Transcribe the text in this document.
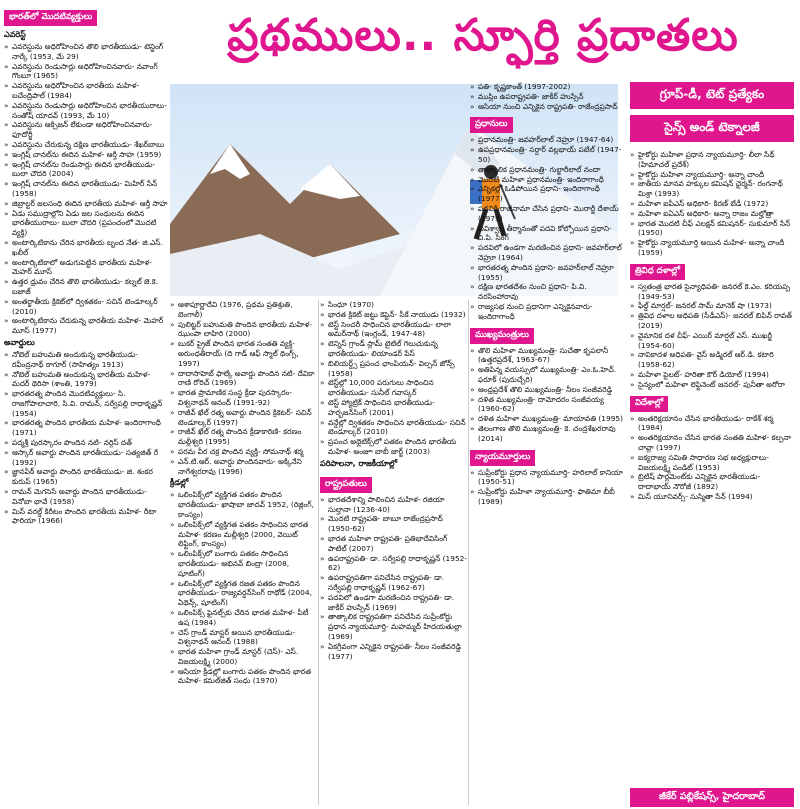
ప్రథములు.. స్ఫూర్తి ప్రదాతలు
గ్రూప్‌-డీ, టెట్‌ ప్రత్యేకం
సైన్స్‌ అండ్‌ టెక్నాలజీ
భారత్‌లో మొదటివ్యక్తులు
ఎవరెస్ట్‌
» ఎవరెస్టును అధిరోహించిన తొలి భారతీయుడు- టెన్జింగ్‌ నార్కే (1953, మే 29)
» ఎవరెస్టును రెండుసార్లు అధిరోహించినవారు- నవాంగ్‌ గొంబూ (1965)
» ఎవరెస్టును అధిరోహించిన భారతీయ మహిళ- బచేంద్రిపాల్‌ (1984)
» ఎవరెస్టును రెండుసార్లు అధిరోహించిన భారతీయురాలు- సంతోష్‌ యాదవ్‌ (1993, మే 10)
» ఎవరెస్టును ఆక్సిజన్‌ లేకుండా అధిరోహించినవారు- ఫూదోర్జీ
» ఎవరెస్టును చేరుకున్న దక్షిణ భారతీయుడు- శేఖర్‌బాబు
» ఇంగ్లిష్‌ చానల్‌ను ఈదిన మహిళ- ఆర్తీ సాహ (1959)
» ఇంగ్లిష్‌ చానల్‌ను రెండుసార్లు ఈదిన భారతీయుడు- బులా చౌదరి (2004)
» ఇంగ్లిష్‌ చానల్‌ను ఈదిన భారతీయుడు- మిహిర్‌ సేన్‌ (1958)
» జిబ్రాల్టర్‌ జలసంధి ఈదిన భారతీయ మహిళ- ఆర్తీ సాహ
» ఏడు సముద్రాల్లోని ఏడు జల సంధులను ఈదిన భారతీయురాలు- బులా చౌదరి (ప్రపంచంలో మొదటి వ్యక్తి)
» అంటార్కిటికాను చేరిన భారతీయ బృంద నేత- జి.ఎస్‌. ఖలీల్‌
» అంటార్కిటికాలో అడుగుపెట్టిన భారతీయ మహిళ- మెహర్‌ మూస్‌
» ఉత్తర ధ్రువం చేరిన తొలి భారతీయుడు- కల్నల్‌ జె.కె. బజాజ్‌
» అంతర్జాతీయ క్రికెట్‌లో ద్విశతకం- సచిన్‌ టెండూల్కర్‌ (2010)
» అంటార్కిటికాను చేరుకున్న భారతీయ మహిళ- మెహర్‌ మూస్‌ (1977)
అవార్డులు
» నోబెల్‌ బహుమతి అందుకున్న భారతీయుడు- రవీంద్రనాథ్‌ ఠాగూర్‌ (సాహిత్యం 1913)
» నోబెల్‌ బహుమతి అందుకున్న భారతీయ మహిళ- మదర్‌ థెరిసా (శాంతి, 1979)
» భారతరత్న పొందిన మొదటివ్యక్తులు- సి. రాజగోపాలాచారి, సి.వి. రామన్‌, సర్వేపల్లి రాధాకృష్ణన్‌ (1954)
» భారతరత్న పొందిన భారతీయ మహిళ- ఇందిరాగాంధీ (1971)
» పద్మశ్రీ పురస్కారం పొందిన నటి- నర్గిస్‌ దత్‌
» ఆస్కార్‌ అవార్డు పొందిన భారతీయుడు- సత్యజిత్‌ రే (1992)
» జ్ఞానపీఠ్‌ అవార్డు పొందిన భారతీయుడు- జి. శంకర కురుప్‌ (1965)
» రామన్‌ మెగసెసే అవార్డు పొందిన భారతీయుడు- వినోబా భావే (1958)
» మిస్‌ వరల్డ్‌ కిరీటం పొందిన భారతీయ మహిళ- రీటా ఫారియా (1966)
» ఆశాపూర్ణాదేవి (1976, ప్రథమ ప్రతిశ్రుతి, బెంగాలీ)
» పులిట్జర్‌ బహుమతి పొందిన భారతీయ మహిళ- ఝుంపా లాహిరి (2000)
» బుకర్‌ ప్రైజ్‌ పొందిన భారత సంతతి వ్యక్తి- అరుంధతీరాయ్‌ (ది గాడ్‌ ఆఫ్‌ స్మాల్‌ థింగ్స్‌, 1997)
» దాదాసాహెబ్‌ ఫాల్కే అవార్డు పొందిన నటి- దేవికా రాణి రోరిచ్‌ (1969)
» భారత ప్రామాణిక సంస్థ క్రీడా పురస్కారం- విశ్వనాథన్‌ ఆనంద్‌ (1991-92)
» రాజీవ్‌ ఖేల్‌ రత్న అవార్డు పొందిన క్రికెటర్‌- సచిన్‌ టెండూల్కర్‌ (1997)
» రాజీవ్‌ ఖేల్‌ రత్న పొందిన క్రీడాకారిణి- కరణం మల్లీశ్వరి (1995)
» పరమ వీర చక్ర పొందిన వ్యక్తి- సోమనాథ్‌ శర్మ
» ఎన్‌.టి.ఆర్‌. అవార్డు పొందినవారు- అక్కినేని నాగేశ్వరరావు (1996)
క్రీడల్లో
» ఒలింపిక్స్‌లో వ్యక్తిగత పతకం పొందిన భారతీయుడు- ఖాషాబా జాదవ్‌ 1952, (రెజ్లింగ్‌, కాంస్యం)
» ఒలింపిక్స్‌లో వ్యక్తిగత పతకం సాధించిన భారత మహిళ- కరణం మల్లీశ్వరి (2000, వెయిట్‌ లిఫ్టింగ్‌, కాంస్యం)
» ఒలింపిక్స్‌లో బంగారు పతకం సాధించిన భారతీయుడు- అభినవ్‌ బింద్రా (2008, షూటింగ్‌)
» ఒలింపిక్స్‌లో వ్యక్తిగత రజత పతకం పొందిన భారతీయుడు- రాజ్యవర్థన్‌సింగ్‌ రాథోడ్‌ (2004, ఏథెన్స్‌, షూటింగ్‌)
» ఒలింపిక్స్‌ ఫైనల్స్‌కు చేరిన భారత మహిళ- పీటీ ఉష (1984)
» చెస్‌ గ్రాండ్‌ మాస్టర్‌ అయిన భారతీయుడు- విశ్వనాథన్‌ ఆనంద్‌ (1988)
» భారత మహిళా గ్రాండ్‌ మాస్టర్‌ (చెస్‌)- ఎస్‌. విజయలక్ష్మి (2000)
» ఆసియా క్రీడల్లో బంగారు పతకం పొందిన భారత మహిళ- కమల్‌జిత్‌ సంధు (1970)
» సింధూ (1970)
» భారత క్రికెట్‌ జట్టు కెప్టెన్‌- సీకే నాయుడు (1932)
» టెస్ట్‌ సెంచరీ సాధించిన భారతీయుడు- లాలా అమర్‌నాథ్‌ (ఇంగ్లండ్‌, 1947-48)
» టెన్నిస్‌ గ్రాండ్‌ స్లామ్‌ టైటిల్‌ గెలుచుకున్న భారతీయుడు- లియాండర్‌ పేస్‌
» బిలియర్డ్స్‌ ప్రపంచ ఛాంపియన్‌- విల్సన్‌ జోన్స్‌ (1958)
» టెస్ట్‌ల్లో 10,000 పరుగులు సాధించిన భారతీయుడు- సునీల్‌ గవాస్కర్‌
» టెస్ట్‌ హ్యాట్రిక్‌ సాధించిన భారతీయుడు- హర్భజన్‌సింగ్‌ (2001)
» వన్డేల్లో ద్విశతకం సాధించిన భారతీయుడు- సచిన్‌ టెండూల్కర్‌ (2010)
» ప్రపంచ అథ్లెటిక్స్‌లో పతకం పొందిన భారతీయ మహిళ- అంజూ బాబీ జార్జ్‌ (2003)
పరిపాలనా, రాజకీయాల్లో
రాష్ట్రపతులు
» భారతదేశాన్ని పాలించిన మహిళ- రజియా సుల్తానా (1236-40)
» మొదటి రాష్ట్రపతి- బాబూ రాజేంద్రప్రసాద్‌ (1950-62)
» భారత మహిళా రాష్ట్రపతి- ప్రతిభాదేవిసింగ్‌ పాటిల్‌ (2007)
» ఉపరాష్ట్రపతి- డా. సర్వేపల్లి రాధాకృష్ణన్‌ (1952-62)
» ఉపరాష్ట్రపతిగా పనిచేసిన రాష్ట్రపతి- డా. సర్వేపల్లి రాధాకృష్ణన్‌ (1962-67)
» పదవిలో ఉండగా మరణించిన రాష్ట్రపతి- డా. జాకీర్‌ హుస్సేన్‌ (1969)
» తాత్కాలిక రాష్ట్రపతిగా పనిచేసిన సుప్రీంకోర్టు ప్రధాన న్యాయమూర్తి- మహమ్మద్‌ హిదయతుల్లా (1969)
» ఏకగ్రీవంగా ఎన్నికైన రాష్ట్రపతి- నీలం సంజీవరెడ్డి (1977)
» పతి- కృష్ణకాంత్‌ (1997-2002)
» ముస్లిం ఉపరాష్ట్రపతి- జాకీర్‌ హుస్సేన్‌
» ఆసియా నుంచి ఎన్నికైన రాష్ట్రపతి- రాజేంద్రప్రసాద్‌
ప్రధానులు
» ప్రధానమంత్రి- జవహర్‌లాల్‌ నెహ్రూ (1947-64)
» ఉపప్రధానమంత్రి- సర్దార్‌ వల్లభాయ్‌ పటేల్‌ (1947-50)
» తాత్కాలిక ప్రధానమంత్రి- గుల్జారీలాల్‌ నందా
» మొదటి మహిళా ప్రధానమంత్రి- ఇందిరాగాంధీ
» ఎన్నికల్లో ఓడిపోయిన ప్రధాని- ఇందిరాగాంధీ (1977)
» పదవికి రాజీనామా చేసిన ప్రధాని- మొరార్జీ దేశాయ్‌ (1979)
» అవిశ్వాస తీర్మానంతో పదవి కోల్పోయిన ప్రధాని- వి.పి. సింగ్‌
» పదవిలో ఉండగా మరణించిన ప్రధాని- జవహర్‌లాల్‌ నెహ్రూ (1964)
» భారతరత్న పొందిన ప్రధాని- జవహర్‌లాల్‌ నెహ్రూ (1955)
» దక్షిణ భారతదేశం నుంచి ప్రధాని- పి.వి. నరసింహారావు
» రాజ్యసభ నుంచి ప్రధానిగా ఎన్నికైనవారు- ఇందిరాగాంధీ
ముఖ్యమంత్రులు
» తొలి మహిళా ముఖ్యమంత్రి- సుచేతా కృపలానీ (ఉత్తరప్రదేశ్‌, 1963-67)
» అతిపిన్న వయస్సులో ముఖ్యమంత్రి- ఎం.ఓ.హెచ్‌. ఫరూక్‌ (పుదుచ్చేరి)
» ఆంధ్రప్రదేశ్‌ తొలి ముఖ్యమంత్రి- నీలం సంజీవరెడ్డి
» దళిత ముఖ్యమంత్రి- దామోదరం సంజీవయ్య (1960-62)
» దళిత మహిళా ముఖ్యమంత్రి- మాయావతి (1995)
» తెలంగాణ తొలి ముఖ్యమంత్రి- కె. చంద్రశేఖరరావు (2014)
న్యాయమూర్తులు
» సుప్రీంకోర్టు ప్రధాన న్యాయమూర్తి- హరిలాల్‌ కానియా (1950-51)
» సుప్రీంకోర్టు మహిళా న్యాయమూర్తి- ఫాతిమా బీబీ (1989)
» హైకోర్టు మహిళా ప్రధాన న్యాయమూర్తి- లీలా సేథ్‌ (హిమాచల్‌ ప్రదేశ్‌)
» హైకోర్టు మహిళా న్యాయమూర్తి- అన్నా చాందీ
» జాతీయ మానవ హక్కుల కమిషన్‌ ఛైర్మన్‌- రంగనాథ్‌ మిశ్రా (1993)
» మహిళా ఐపీఎస్‌ అధికారి- కిరణ్‌ బేడీ (1972)
» మహిళా ఐఏఎస్‌ అధికారి- అన్నా రాజం మల్హోత్రా
» భారత మొదటి చీఫ్‌ ఎలక్షన్‌ కమిషనర్‌- సుకుమార్‌ సేన్‌ (1950)
» హైకోర్టు న్యాయమూర్తి అయిన మహిళ- అన్నా చాందీ (1959)
త్రివిధ దళాల్లో
» స్వతంత్ర భారత సైన్యాధిపతి- జనరల్‌ కె.ఎం. కరియప్ప (1949-53)
» ఫీల్డ్‌ మార్షల్‌- జనరల్‌ సామ్‌ మానెక్‌ షా (1973)
» త్రివిధ దళాల అధిపతి (సీడీఎస్‌)- జనరల్‌ బిపిన్‌ రావత్‌ (2019)
» వైమానిక దళ చీఫ్‌- ఎయిర్‌ మార్షల్‌ ఎస్‌. ముఖర్జీ (1954-60)
» నావికాదళ అధిపతి- వైస్‌ అడ్మిరల్‌ ఆర్‌.డి. కటారి (1958-62)
» మహిళా పైలట్‌- హరితా కౌర్‌ డియోల్‌ (1994)
» సైన్యంలో మహిళా లెఫ్టినెంట్‌ జనరల్‌- పునీతా అరోరా
విదేశాల్లో
» అంతరిక్షయానం చేసిన భారతీయుడు- రాకేశ్‌ శర్మ (1984)
» అంతరిక్షయానం చేసిన భారత సంతతి మహిళ- కల్పనా చావ్లా (1997)
» ఐక్యరాజ్య సమితి సాధారణ సభ అధ్యక్షురాలు- విజయలక్ష్మి పండిట్‌ (1953)
» బ్రిటిష్‌ పార్లమెంట్‌కు ఎన్నికైన భారతీయుడు- దాదాభాయ్‌ నౌరోజీ (1892)
» మిస్‌ యూనివర్స్‌- సుస్మితా సేన్‌ (1994)
జీకేర్ పబ్లికేషన్స్‌, హైదరాబాద్‌
